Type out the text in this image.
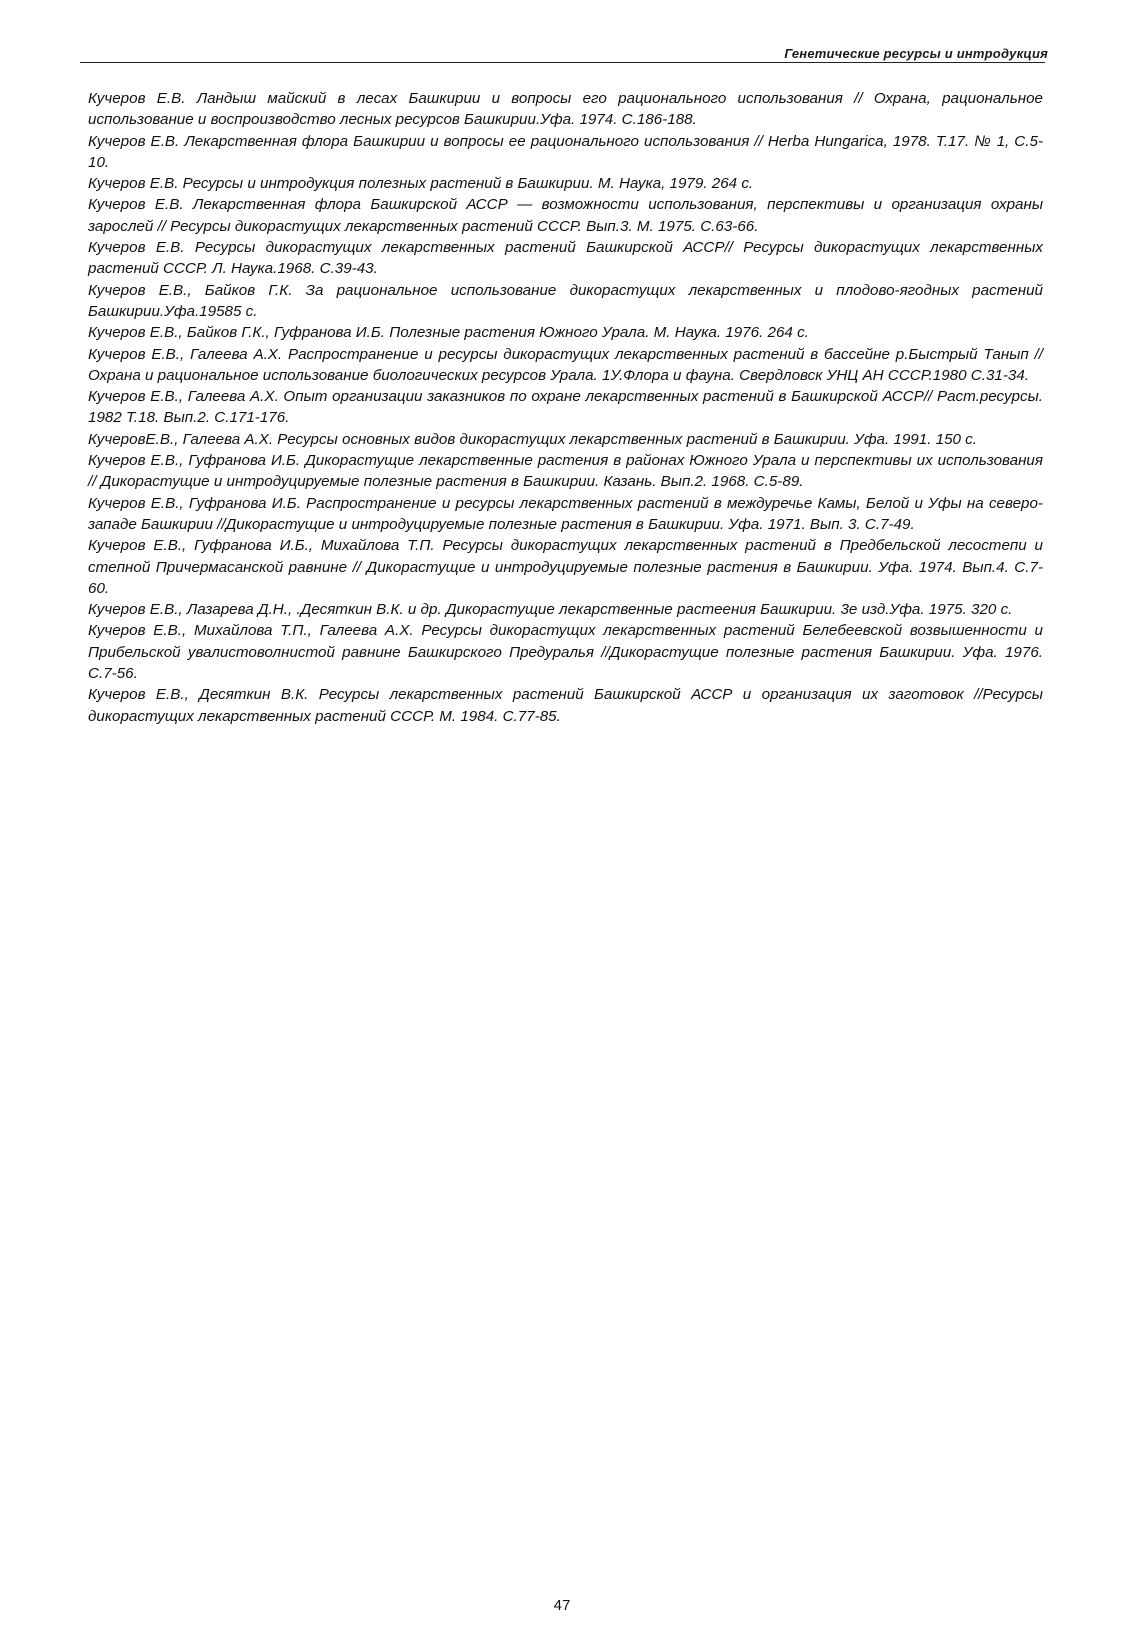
Генетические ресурсы и интродукция
Кучеров Е.В. Ландыш майский в лесах Башкирии и вопросы его рационального использования // Охрана, рациональное использование и воспроизводство лесных ресурсов Башкирии.Уфа. 1974. С.186-188.
Кучеров Е.В. Лекарственная флора Башкирии и вопросы ее рационального использования // Herba Hungarica, 1978. Т.17. № 1, С.5-10.
Кучеров Е.В. Ресурсы и интродукция полезных растений в Башкирии. М. Наука, 1979. 264 с.
Кучеров Е.В. Лекарственная флора Башкирской АССР — возможности использования, перспективы и организация охраны зарослей // Ресурсы дикорастущих лекарственных растений СССР. Вып.3. М. 1975. С.63-66.
Кучеров Е.В. Ресурсы дикорастущих лекарственных растений Башкирской АССР// Ресурсы дикорастущих лекарственных растений СССР. Л. Наука.1968. С.39-43.
Кучеров Е.В., Байков Г.К. За рациональное использование дикорастущих лекарственных и плодово-ягодных растений Башкирии.Уфа.19585 с.
Кучеров Е.В., Байков Г.К., Гуфранова И.Б. Полезные растения Южного Урала. М. Наука. 1976. 264 с.
Кучеров Е.В., Галеева А.Х. Распространение и ресурсы дикорастущих лекарственных растений в бассейне р.Быстрый Танып // Охрана и рациональное использование биологических ресурсов Урала. 1У.Флора и фауна. Свердловск УНЦ АН СССР.1980 С.31-34.
Кучеров Е.В., Галеева А.Х. Опыт организации заказников по охране лекарственных растений в Башкирской АССР// Раст.ресурсы. 1982 Т.18. Вып.2. С.171-176.
КучеровЕ.В., Галеева А.Х. Ресурсы основных видов дикорастущих лекарственных растений в Башкирии. Уфа. 1991. 150 с.
Кучеров Е.В., Гуфранова И.Б. Дикорастущие лекарственные растения в районах Южного Урала и перспективы их использования // Дикорастущие и интродуцируемые полезные растения в Башкирии. Казань. Вып.2. 1968. С.5-89.
Кучеров Е.В., Гуфранова И.Б. Распространение и ресурсы лекарственных растений в междуречье Камы, Белой и Уфы на северо-западе Башкирии //Дикорастущие и интродуцируемые полезные растения в Башкирии. Уфа. 1971. Вып. 3. С.7-49.
Кучеров Е.В., Гуфранова И.Б., Михайлова Т.П. Ресурсы дикорастущих лекарственных растений в Предбельской лесостепи и степной Причермасанской равнине // Дикорастущие и интродуцируемые полезные растения в Башкирии. Уфа. 1974. Вып.4. С.7-60.
Кучеров Е.В., Лазарева Д.Н., .Десяткин В.К. и др. Дикорастущие лекарственные растеения Башкирии. 3е изд.Уфа. 1975. 320 с.
Кучеров Е.В., Михайлова Т.П., Галеева А.Х. Ресурсы дикорастущих лекарственных растений Белебеевской возвышенности и Прибельской увалистоволнистой равнине Башкирского Предуралья //Дикорастущие полезные растения Башкирии. Уфа. 1976. С.7-56.
Кучеров Е.В., Десяткин В.К. Ресурсы лекарственных растений Башкирской АССР и организация их заготовок //Ресурсы дикорастущих лекарственных растений СССР. М. 1984. С.77-85.
47
